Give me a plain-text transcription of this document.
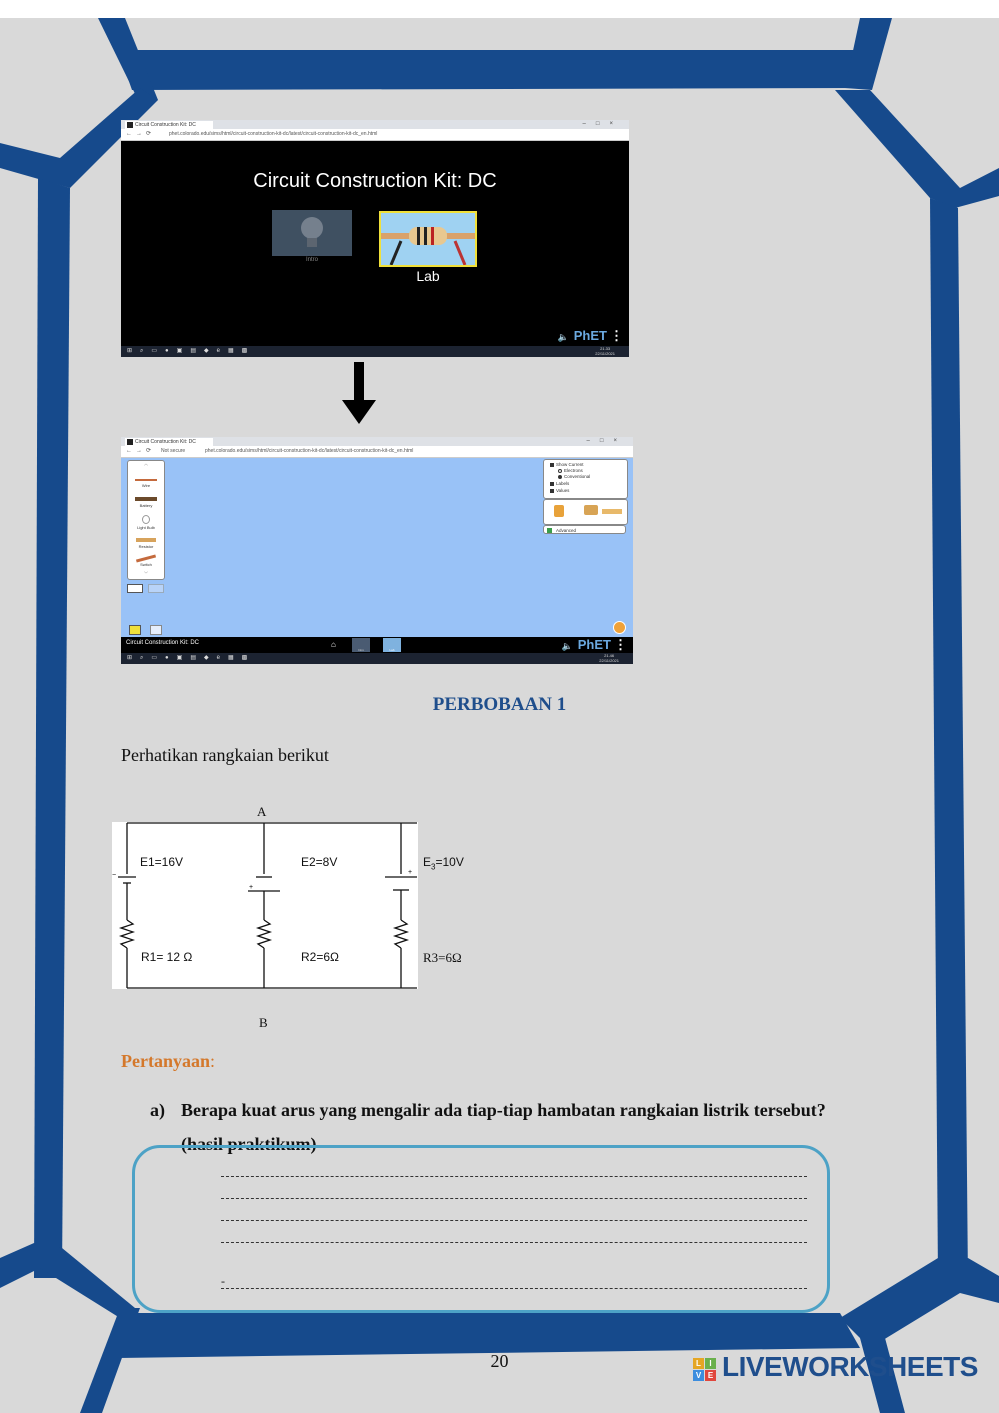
Circuit Construction Kit: DC	–□×
←→⟳	phet.colorado.edu/sims/html/circuit-construction-kit-dc/latest/circuit-construction-kit-dc_en.html
Circuit Construction Kit: DC
Intro
Lab
🔈 PhET ⋮
⊞⌕▭●▣▤◆e▦▩	21.33
22/11/2021
Circuit Construction Kit: DC	–□×
←→⟳ Not secure	phet.colorado.edu/sims/html/circuit-construction-kit-dc/latest/circuit-construction-kit-dc_en.html
︿
Wire
Battery
Light Bulb
Resistor
Switch
﹀
Show Current
Electrons
Conventional
Labels
Values
Advanced
Circuit Construction Kit: DC	⌂
Intro	Lab	🔈 PhET ⋮
⊞⌕▭●▣▤◆e▦▩	21.46
22/11/2021
PERBOBAAN 1
Perhatikan rangkaian berikut
−
+
+
A
B
E1=16V	E2=8V	$E_3=10V$
R1= 12 Ω	R2=6Ω	R3=6Ω
Pertanyaan:
a) Berapa kuat arus yang mengalir ada tiap-tiap hambatan rangkaian listrik tersebut? (hasil praktikum)
-
20	L	I
V E LIVEWORKSHEETS
